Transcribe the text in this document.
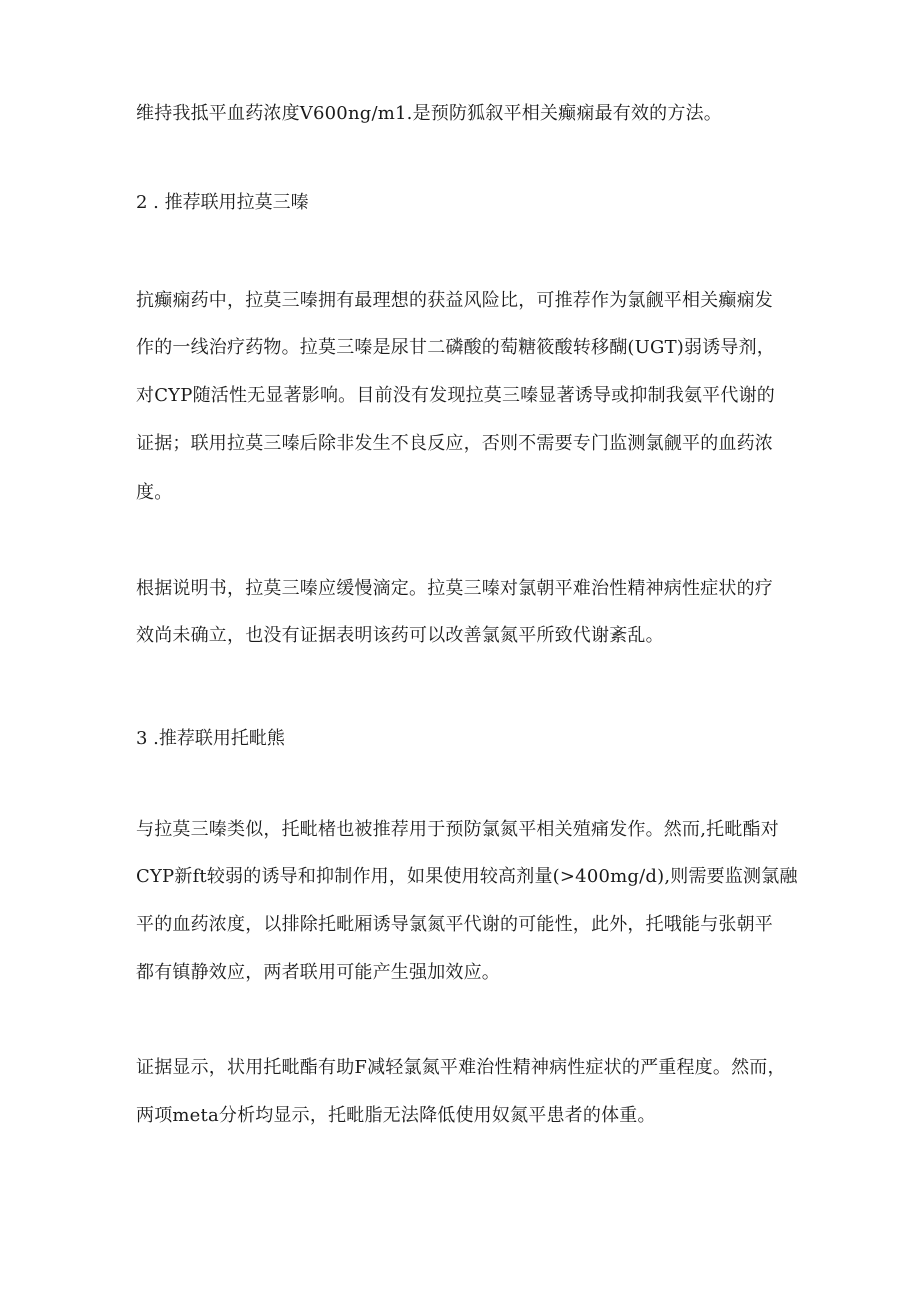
维持我抵平血药浓度V600ng/m1.是预防狐叙平相关癫痫最有效的方法。
2 . 推荐联用拉莫三嗪
抗癫痫药中，拉莫三嗪拥有最理想的获益风险比，可推荐作为氯觎平相关癫痫发
作的一线治疗药物。拉莫三嗪是尿甘二磷酸的萄糖筱酸转移醐(UGT)弱诱导剂，
对CYP随活性无显著影响。目前没有发现拉莫三嗪显著诱导或抑制我氨平代谢的
证据；联用拉莫三嗪后除非发生不良反应，否则不需要专门监测氯觎平的血药浓
度。
根据说明书，拉莫三嗪应缓慢滴定。拉莫三嗪对氯朝平难治性精神病性症状的疗
效尚未确立，也没有证据表明该药可以改善氯氮平所致代谢紊乱。
3 .推荐联用托毗熊
与拉莫三嗪类似，托毗楮也被推荐用于预防氯氮平相关殖痛发作。然而,托毗酯对
CYP新ft较弱的诱导和抑制作用，如果使用较高剂量(>400mg∕d),则需要监测氯融
平的血药浓度，以排除托毗厢诱导氯氮平代谢的可能性，此外，托哦能与张朝平
都有镇静效应，两者联用可能产生强加效应。
证据显示，状用托毗酯有助F减轻氯氮平难治性精神病性症状的严重程度。然而，
两项meta分析均显示，托毗脂无法降低使用奴氮平患者的体重。
